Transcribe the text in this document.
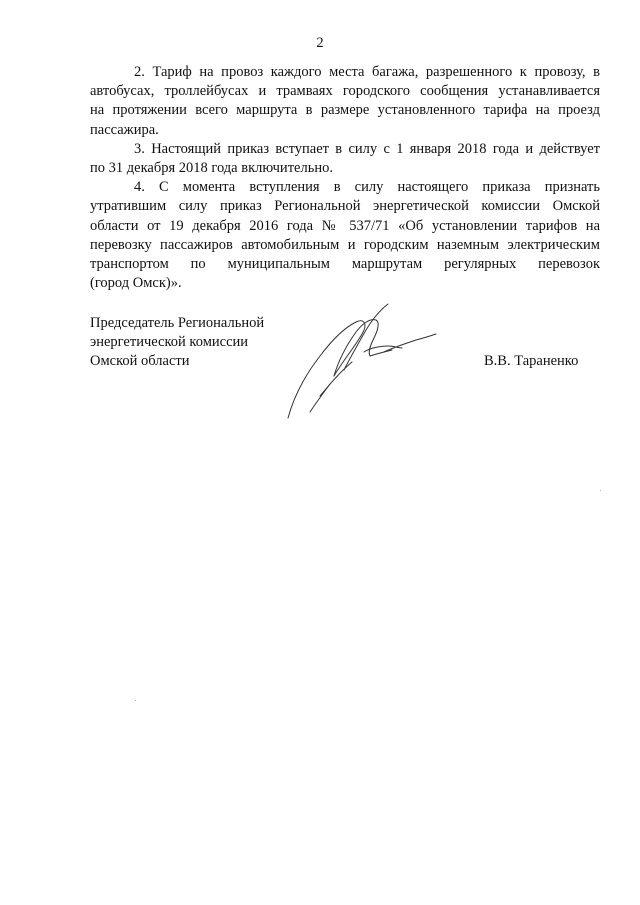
2
2. Тариф на провоз каждого места багажа, разрешенного к провозу, в
автобусах, троллейбусах и трамваях городского сообщения устанавливается
на протяжении всего маршрута в размере установленного тарифа на проезд
пассажира.
3. Настоящий приказ вступает в силу с 1 января 2018 года и действует
по 31 декабря 2018 года включительно.
4. С момента вступления в силу настоящего приказа признать
утратившим силу приказ Региональной энергетической комиссии Омской
области от 19 декабря 2016 года № 537/71 «Об установлении тарифов на
перевозку пассажиров автомобильным и городским наземным электрическим
транспортом по муниципальным маршрутам регулярных перевозок
(город Омск)».
Председатель Региональной
энергетической комиссии
Омской области	В.В. Тараненко
